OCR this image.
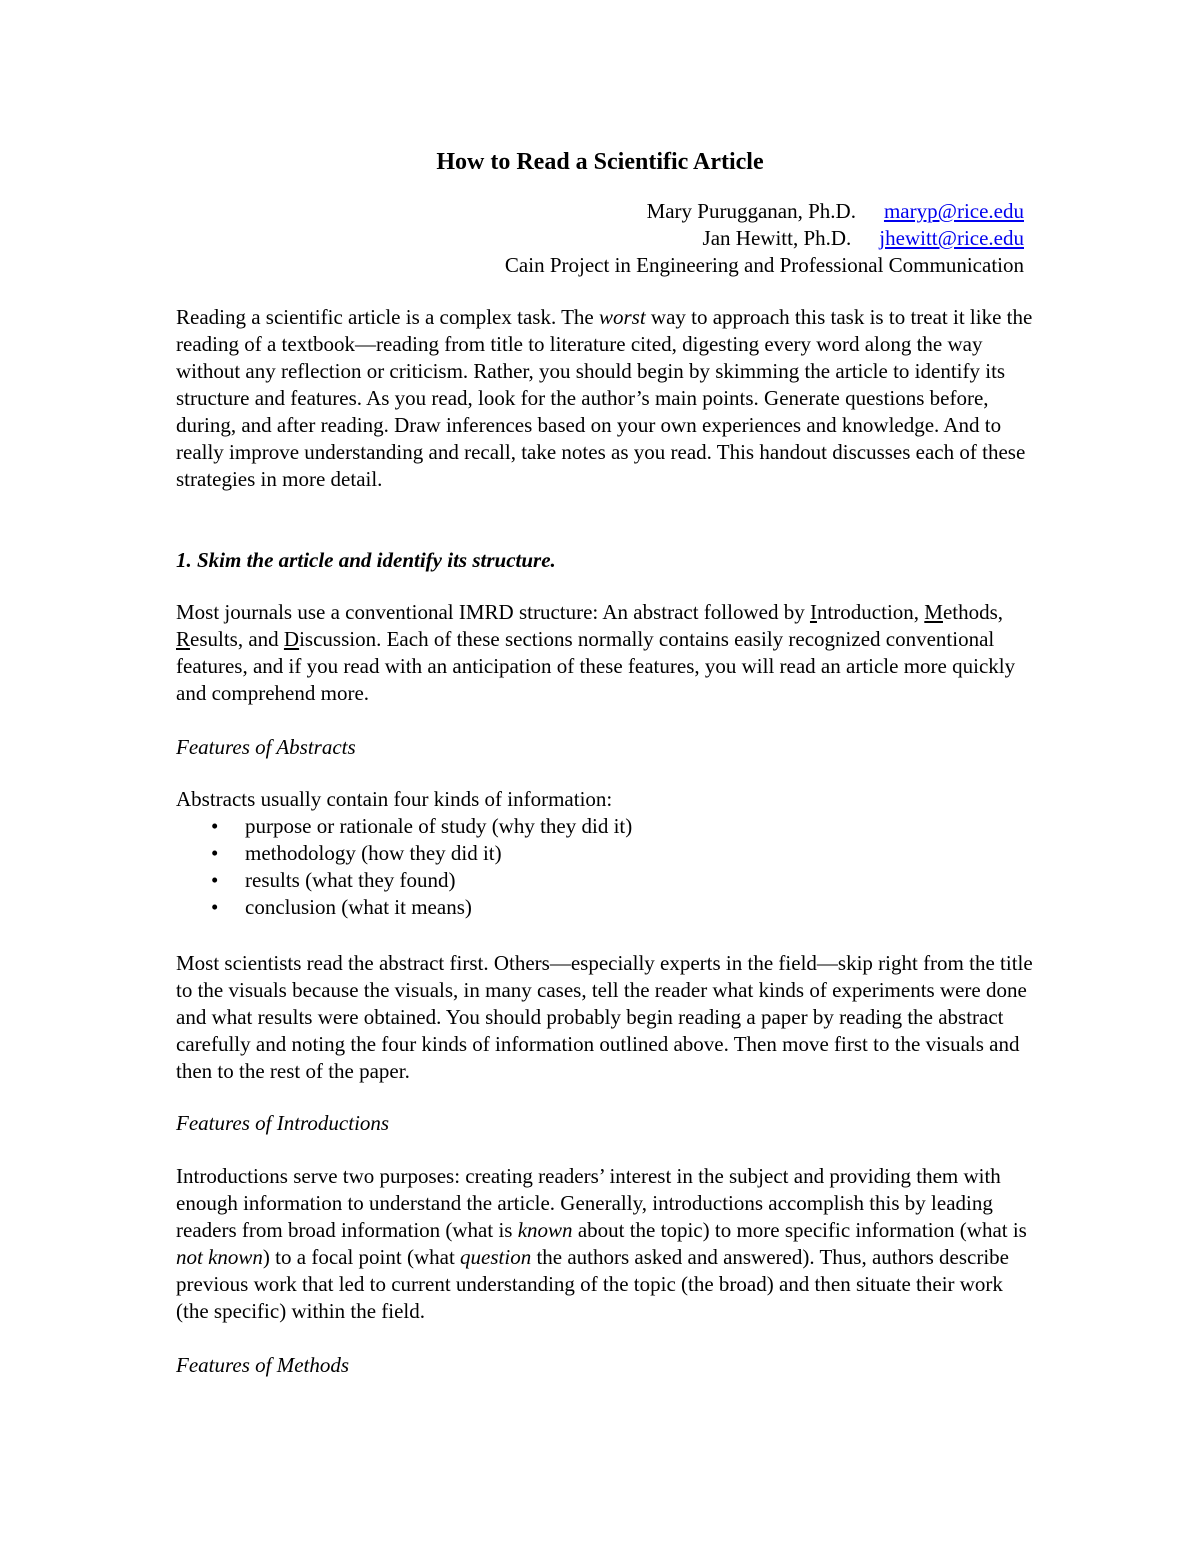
How to Read a Scientific Article
Mary Purugganan, Ph.D. maryp@rice.edu
Jan Hewitt, Ph.D. jhewitt@rice.edu
Cain Project in Engineering and Professional Communication

Reading a scientific article is a complex task. The worst way to approach this task is to treat it like the reading of a textbook—reading from title to literature cited, digesting every word along the way without any reflection or criticism. Rather, you should begin by skimming the article to identify its structure and features. As you read, look for the author’s main points. Generate questions before, during, and after reading. Draw inferences based on your own experiences and knowledge. And to really improve understanding and recall, take notes as you read. This handout discusses each of these strategies in more detail.

1. Skim the article and identify its structure.

Most journals use a conventional IMRD structure: An abstract followed by Introduction, Methods, Results, and Discussion. Each of these sections normally contains easily recognized conventional features, and if you read with an anticipation of these features, you will read an article more quickly and comprehend more.

Features of Abstracts

Abstracts usually contain four kinds of information:
• purpose or rationale of study (why they did it)
• methodology (how they did it)
• results (what they found)
• conclusion (what it means)

Most scientists read the abstract first. Others—especially experts in the field—skip right from the title to the visuals because the visuals, in many cases, tell the reader what kinds of experiments were done and what results were obtained. You should probably begin reading a paper by reading the abstract carefully and noting the four kinds of information outlined above. Then move first to the visuals and then to the rest of the paper.

Features of Introductions

Introductions serve two purposes: creating readers’ interest in the subject and providing them with enough information to understand the article. Generally, introductions accomplish this by leading readers from broad information (what is known about the topic) to more specific information (what is not known) to a focal point (what question the authors asked and answered). Thus, authors describe previous work that led to current understanding of the topic (the broad) and then situate their work (the specific) within the field.

Features of Methods
